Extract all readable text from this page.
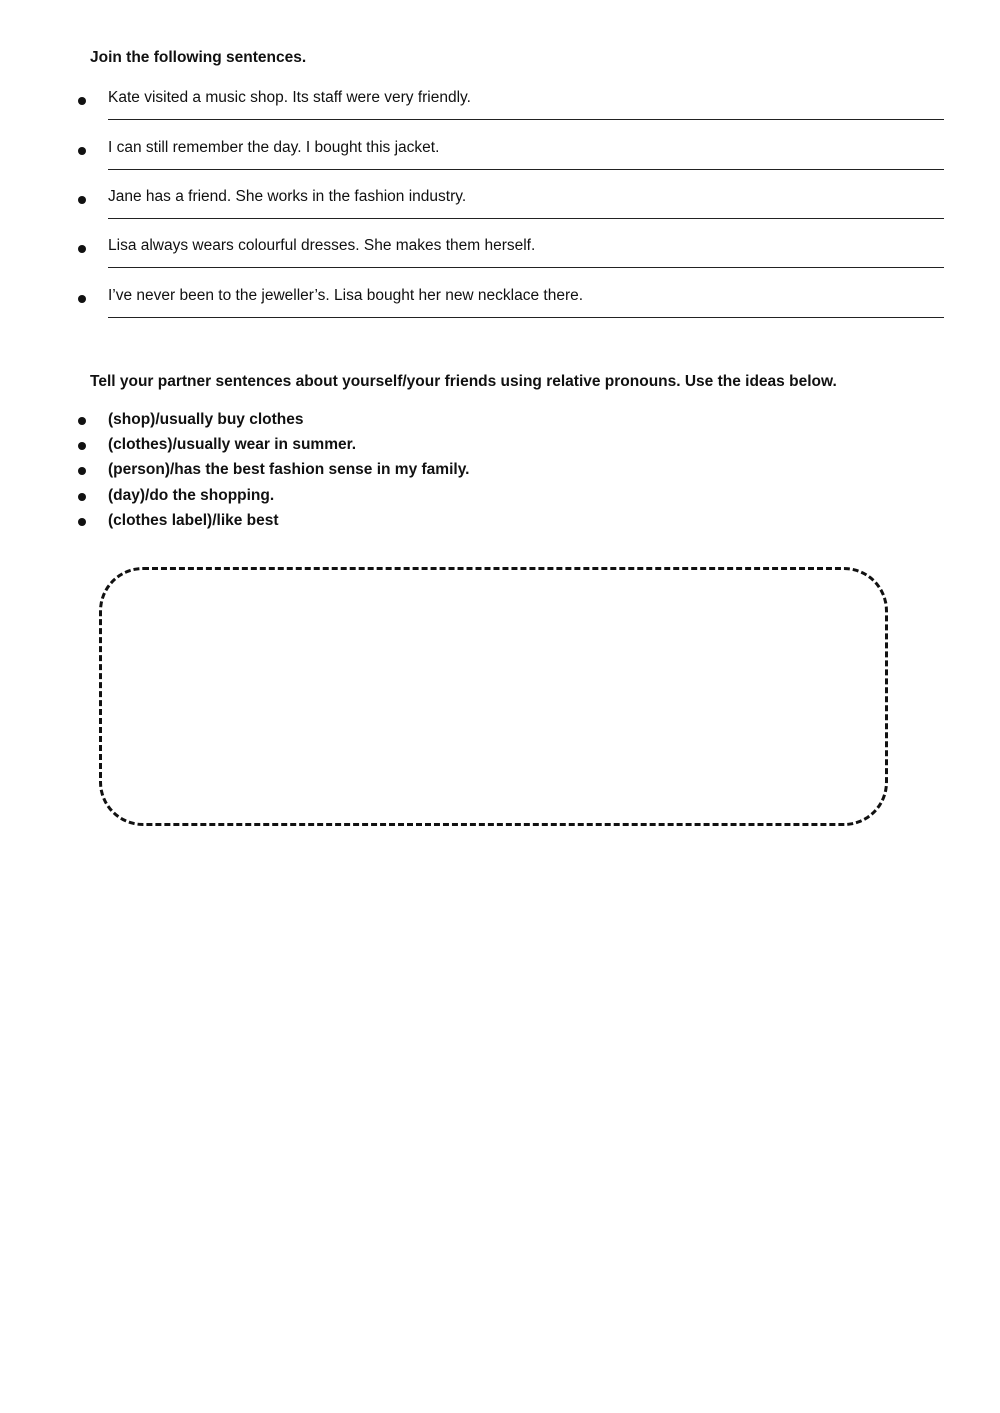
Join the following sentences.
Kate visited a music shop. Its staff were very friendly.
I can still remember the day. I bought this jacket.
Jane has a friend. She works in the fashion industry.
Lisa always wears colourful dresses. She makes them herself.
I’ve never been to the jeweller’s. Lisa bought her new necklace there.
Tell your partner sentences about yourself/your friends using relative pronouns. Use the ideas below.
(shop)/usually buy clothes
(clothes)/usually wear in summer.
(person)/has the best fashion sense in my family.
(day)/do the shopping.
(clothes label)/like best
